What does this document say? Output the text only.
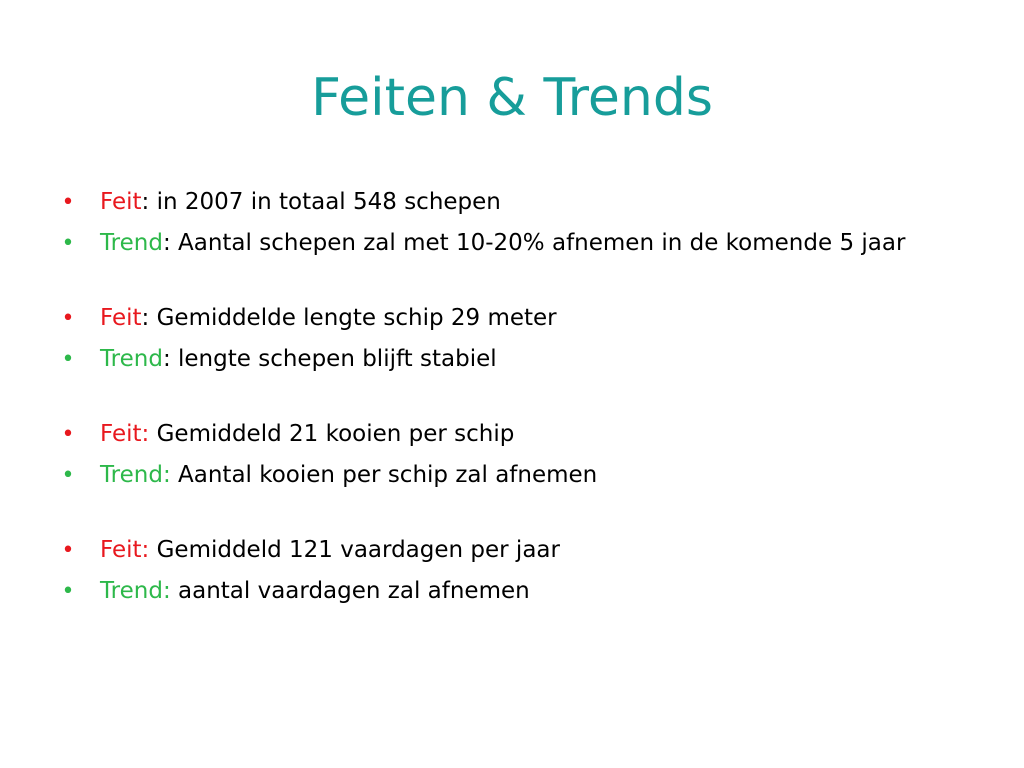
Feiten & Trends
• Feit: in 2007 in totaal 548 schepen
• Trend: Aantal schepen zal met 10-20% afnemen in de komende 5 jaar
• Feit: Gemiddelde lengte schip 29 meter
• Trend: lengte schepen blijft stabiel
• Feit: Gemiddeld 21 kooien per schip
• Trend: Aantal kooien per schip zal afnemen
• Feit: Gemiddeld 121 vaardagen per jaar
• Trend: aantal vaardagen zal afnemen
